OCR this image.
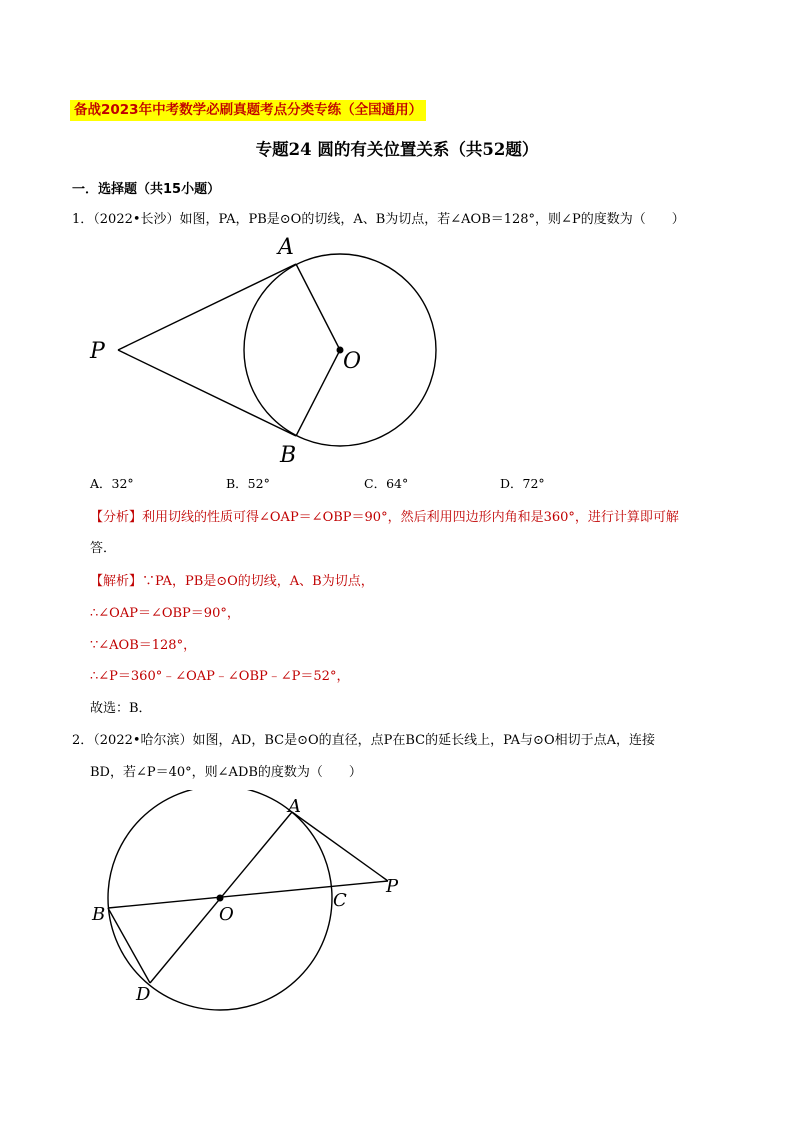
备战2023年中考数学必刷真题考点分类专练（全国通用）
专题24 圆的有关位置关系（共52题）
一．选择题（共15小题）
1．（2022•长沙）如图，PA，PB是⊙O的切线，A、B为切点，若∠AOB＝128°，则∠P的度数为（　　）
A
B
P	O
A．32°	B．52°	C．64°	D．72°
【分析】利用切线的性质可得∠OAP＝∠OBP＝90°，然后利用四边形内角和是360°，进行计算即可解
答．
【解析】∵PA，PB是⊙O的切线，A、B为切点，
∴∠OAP＝∠OBP＝90°，
∵∠AOB＝128°，
∴∠P＝360°﹣∠OAP﹣∠OBP﹣∠P＝52°，
故选：B．
2．（2022•哈尔滨）如图，AD，BC是⊙O的直径，点P在BC的延长线上，PA与⊙O相切于点A，连接
BD，若∠P＝40°，则∠ADB的度数为（　　）
A
B
C
D
O
P
